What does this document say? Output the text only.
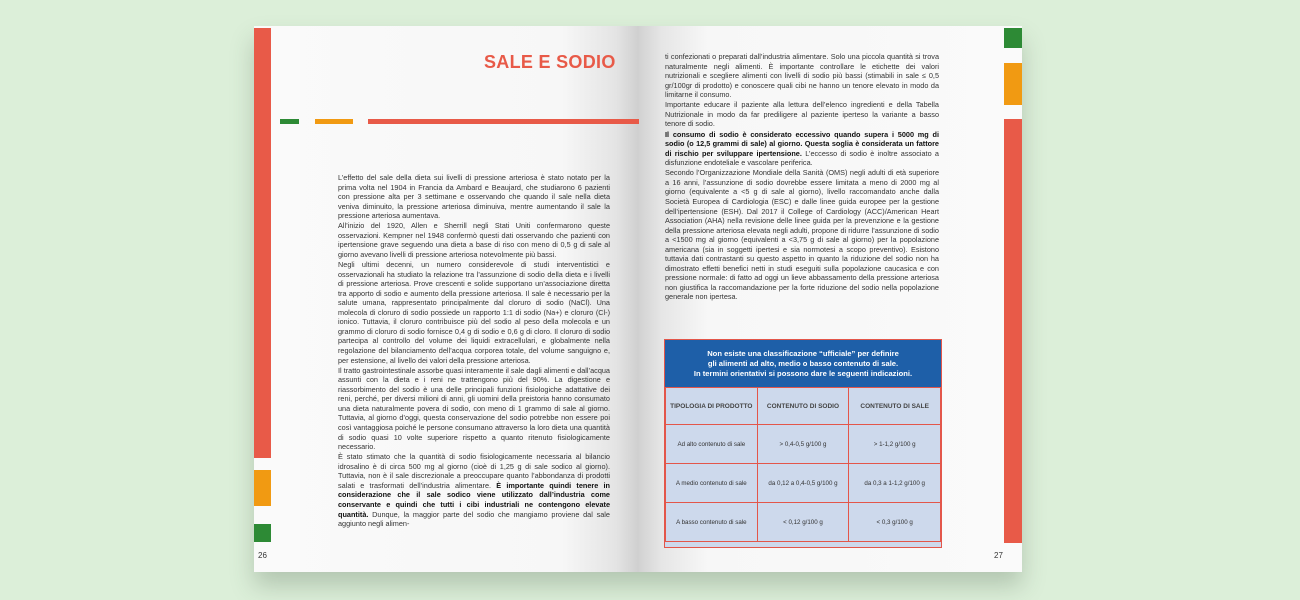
SALE E SODIO

L’effetto del sale della dieta sui livelli di pressione arteriosa è stato notato per la prima volta nel 1904 in Francia da Ambard e Beaujard, che studiarono 6 pazienti con pressione alta per 3 settimane e osservando che quando il sale nella dieta veniva diminuito, la pressione arteriosa diminuiva, mentre aumentando il sale la pressione arteriosa aumentava.

All’inizio del 1920, Allen e Sherrill negli Stati Uniti confermarono queste osservazioni. Kempner nel 1948 confermò questi dati osservando che pazienti con ipertensione grave seguendo una dieta a base di riso con meno di 0,5 g di sale al giorno avevano livelli di pressione arteriosa notevolmente più bassi.

Negli ultimi decenni, un numero considerevole di studi interventistici e osservazionali ha studiato la relazione tra l’assunzione di sodio della dieta e i livelli di pressione arteriosa. Prove crescenti e solide supportano un’associazione diretta tra apporto di sodio e aumento della pressione arteriosa. Il sale è necessario per la salute umana, rappresentato principalmente dal cloruro di sodio (NaCl). Una molecola di cloruro di sodio possiede un rapporto 1:1 di sodio (Na+) e cloruro (Cl-) ionico. Tuttavia, il cloruro contribuisce più del sodio al peso della molecola e un grammo di cloruro di sodio fornisce 0,4 g di sodio e 0,6 g di cloro. Il cloruro di sodio partecipa al controllo del volume dei liquidi extracellulari, e globalmente nella regolazione del bilanciamento dell’acqua corporea totale, del volume sanguigno e, per estensione, al livello dei valori della pressione arteriosa.

Il tratto gastrointestinale assorbe quasi interamente il sale dagli alimenti e dall’acqua assunti con la dieta e i reni ne trattengono più del 90%. La digestione e riassorbimento del sodio è una delle principali funzioni fisiologiche adattative dei reni, perché, per diversi milioni di anni, gli uomini della preistoria hanno consumato una dieta naturalmente povera di sodio, con meno di 1 grammo di sale al giorno. Tuttavia, al giorno d’oggi, questa conservazione del sodio potrebbe non essere poi così vantaggiosa poiché le persone consumano attraverso la loro dieta una quantità di sodio quasi 10 volte superiore rispetto a quanto ritenuto fisiologicamente necessario.

È stato stimato che la quantità di sodio fisiologicamente necessaria al bilancio idrosalino è di circa 500 mg al giorno (cioè di 1,25 g di sale sodico al giorno). Tuttavia, non è il sale discrezionale a preoccupare quanto l’abbondanza di prodotti salati e trasformati dell’industria alimentare. È importante quindi tenere in considerazione che il sale sodico viene utilizzato dall’industria come conservante e quindi che tutti i cibi industriali ne contengono elevate quantità. Dunque, la maggior parte del sodio che mangiamo proviene dal sale aggiunto negli alimen-

26

ti confezionati o preparati dall’industria alimentare. Solo una piccola quantità si trova naturalmente negli alimenti. È importante controllare le etichette dei valori nutrizionali e scegliere alimenti con livelli di sodio più bassi (stimabili in sale ≤ 0,5 gr/100gr di prodotto) e conoscere quali cibi ne hanno un tenore elevato in modo da limitarne il consumo.

Importante educare il paziente alla lettura dell’elenco ingredienti e della Tabella Nutrizionale in modo da far prediligere al paziente iperteso la variante a basso tenore di sodio.

Il consumo di sodio è considerato eccessivo quando supera i 5000 mg di sodio (o 12,5 grammi di sale) al giorno. Questa soglia è considerata un fattore di rischio per sviluppare ipertensione. L’eccesso di sodio è inoltre associato a disfunzione endoteliale e vascolare periferica.

Secondo l’Organizzazione Mondiale della Sanità (OMS) negli adulti di età superiore a 16 anni, l’assunzione di sodio dovrebbe essere limitata a meno di 2000 mg al giorno (equivalente a <5 g di sale al giorno), livello raccomandato anche dalla Società Europea di Cardiologia (ESC) e dalle linee guida europee per la gestione dell’ipertensione (ESH). Dal 2017 il College of Cardiology (ACC)/American Heart Association (AHA) nella revisione delle linee guida per la prevenzione e la gestione della pressione arteriosa elevata negli adulti, propone di ridurre l’assunzione di sodio a <1500 mg al giorno (equivalenti a <3,75 g di sale al giorno) per la popolazione americana (sia in soggetti ipertesi e sia normotesi a scopo preventivo). Esistono tuttavia dati contrastanti su questo aspetto in quanto la riduzione del sodio non ha dimostrato effetti benefici netti in studi eseguiti sulla popolazione caucasica e con pressione normale: di fatto ad oggi un lieve abbassamento della pressione arteriosa non giustifica la raccomandazione per la forte riduzione del sodio nella popolazione generale non ipertesa.

Non esiste una classificazione “ufficiale” per definire
gli alimenti ad alto, medio o basso contenuto di sale.
In termini orientativi si possono dare le seguenti indicazioni.
TIPOLOGIA DI PRODOTTO	CONTENUTO DI SODIO	CONTENUTO DI SALE
Ad alto contenuto di sale	> 0,4-0,5 g/100 g	> 1-1,2 g/100 g
A medio contenuto di sale	da 0,12 a 0,4-0,5 g/100 g	da 0,3 a 1-1,2 g/100 g
A basso contenuto di sale	< 0,12 g/100 g	< 0,3 g/100 g
27
